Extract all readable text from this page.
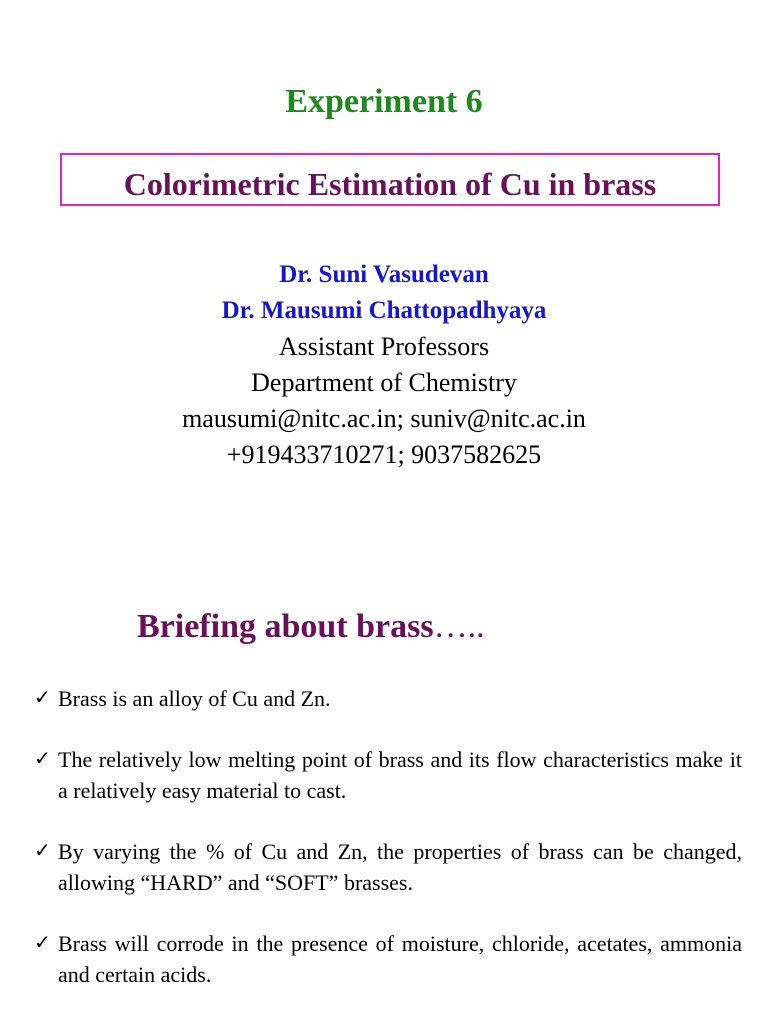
Experiment 6
Colorimetric Estimation of Cu in brass
Dr. Suni Vasudevan
Dr. Mausumi Chattopadhyaya
Assistant Professors
Department of Chemistry
mausumi@nitc.ac.in; suniv@nitc.ac.in
+919433710271; 9037582625
Briefing about brass…..
✓ Brass is an alloy of Cu and Zn.
✓ The relatively low melting point of brass and its flow characteristics make it a relatively easy material to cast.
✓ By varying the % of Cu and Zn, the properties of brass can be changed, allowing “HARD” and “SOFT” brasses.
✓ Brass will corrode in the presence of moisture, chloride, acetates, ammonia and certain acids.
